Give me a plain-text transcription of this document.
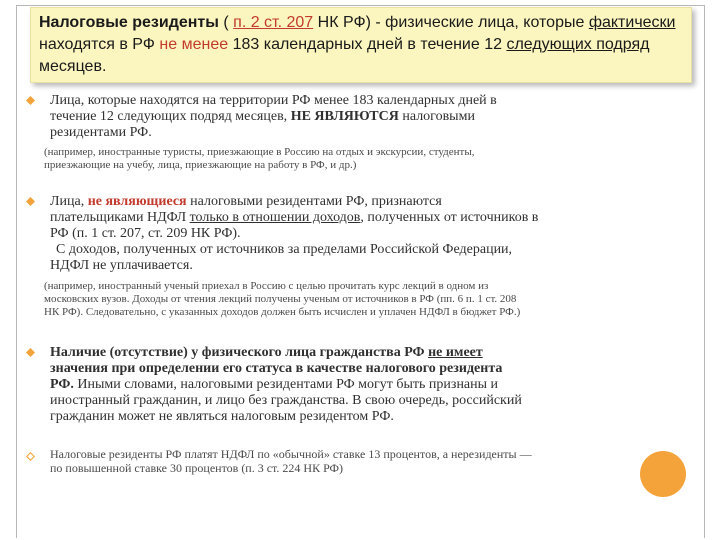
Налоговые резиденты ( п. 2 ст. 207 НК РФ) - физические лица, которые фактически находятся в РФ не менее 183 календарных дней в течение 12 следующих подряд месяцев.

Лица, которые находятся на территории РФ менее 183 календарных дней в
течение 12 следующих подряд месяцев, НЕ ЯВЛЯЮТСЯ налоговыми
резидентами РФ.

(например, иностранные туристы, приезжающие в Россию на отдых и экскурсии, студенты,
приезжающие на учебу, лица, приезжающие на работу в РФ, и др.)

Лица, не являющиеся налоговыми резидентами РФ, признаются
плательщиками НДФЛ только в отношении доходов, полученных от источников в
РФ (п. 1 ст. 207, ст. 209 НК РФ).
С доходов, полученных от источников за пределами Российской Федерации,
НДФЛ не уплачивается.

(например, иностранный ученый приехал в Россию с целью прочитать курс лекций в одном из
московских вузов. Доходы от чтения лекций получены ученым от источников в РФ (пп. 6 п. 1 ст. 208
НК РФ). Следовательно, с указанных доходов должен быть исчислен и уплачен НДФЛ в бюджет РФ.)

Наличие (отсутствие) у физического лица гражданства РФ не имеет
значения при определении его статуса в качестве налогового резидента
РФ. Иными словами, налоговыми резидентами РФ могут быть признаны и
иностранный гражданин, и лицо без гражданства. В свою очередь, российский
гражданин может не являться налоговым резидентом РФ.

Налоговые резиденты РФ платят НДФЛ по «обычной» ставке 13 процентов, а нерезиденты —
по повышенной ставке 30 процентов (п. 3 ст. 224 НК РФ)
